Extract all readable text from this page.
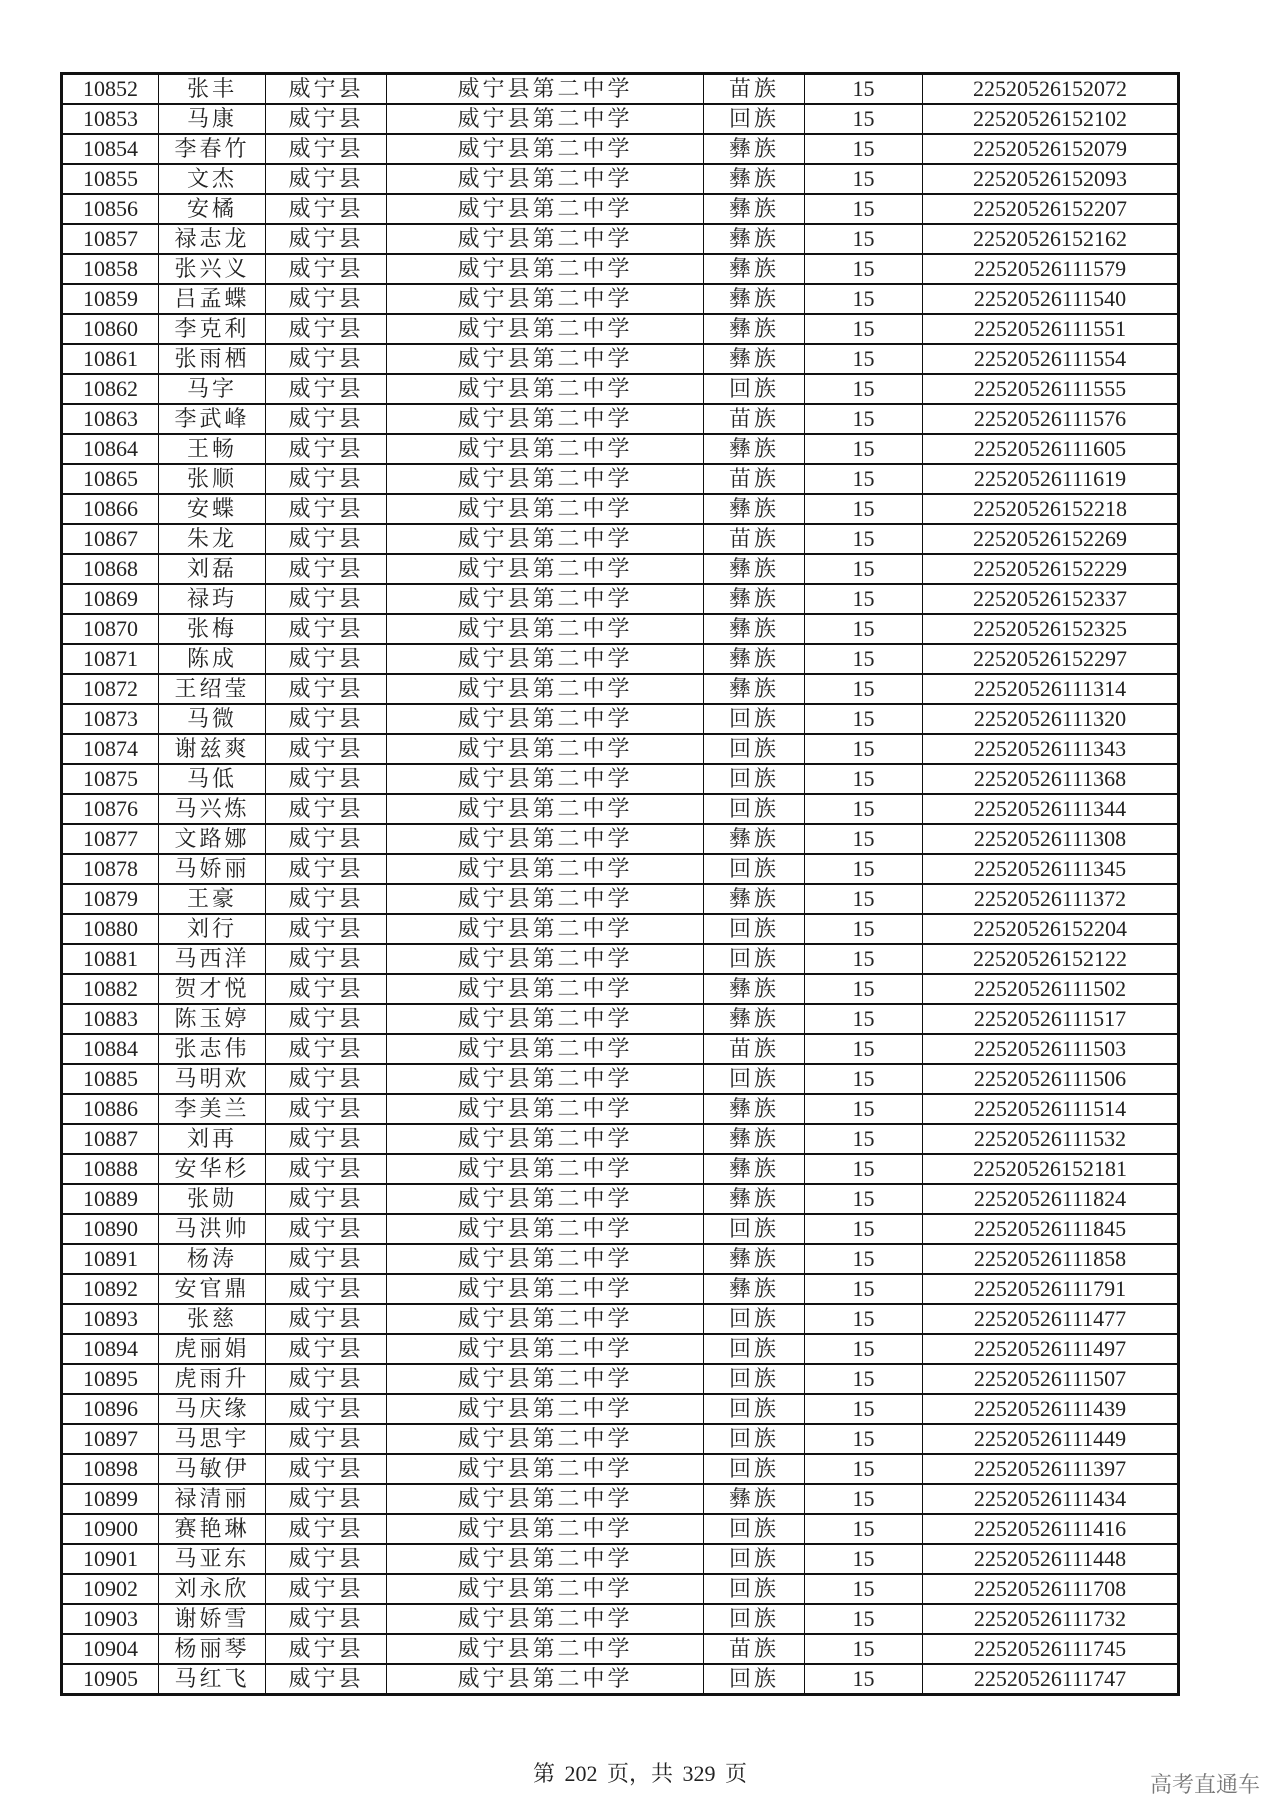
10852	张丰	威宁县	威宁县第二中学	苗族	15	22520526152072
10853	马康	威宁县	威宁县第二中学	回族	15	22520526152102
10854	李春竹	威宁县	威宁县第二中学	彝族	15	22520526152079
10855	文杰	威宁县	威宁县第二中学	彝族	15	22520526152093
10856	安橘	威宁县	威宁县第二中学	彝族	15	22520526152207
10857	禄志龙	威宁县	威宁县第二中学	彝族	15	22520526152162
10858	张兴义	威宁县	威宁县第二中学	彝族	15	22520526111579
10859	吕孟蝶	威宁县	威宁县第二中学	彝族	15	22520526111540
10860	李克利	威宁县	威宁县第二中学	彝族	15	22520526111551
10861	张雨栖	威宁县	威宁县第二中学	彝族	15	22520526111554
10862	马字	威宁县	威宁县第二中学	回族	15	22520526111555
10863	李武峰	威宁县	威宁县第二中学	苗族	15	22520526111576
10864	王畅	威宁县	威宁县第二中学	彝族	15	22520526111605
10865	张顺	威宁县	威宁县第二中学	苗族	15	22520526111619
10866	安蝶	威宁县	威宁县第二中学	彝族	15	22520526152218
10867	朱龙	威宁县	威宁县第二中学	苗族	15	22520526152269
10868	刘磊	威宁县	威宁县第二中学	彝族	15	22520526152229
10869	禄玙	威宁县	威宁县第二中学	彝族	15	22520526152337
10870	张梅	威宁县	威宁县第二中学	彝族	15	22520526152325
10871	陈成	威宁县	威宁县第二中学	彝族	15	22520526152297
10872	王绍莹	威宁县	威宁县第二中学	彝族	15	22520526111314
10873	马微	威宁县	威宁县第二中学	回族	15	22520526111320
10874	谢兹爽	威宁县	威宁县第二中学	回族	15	22520526111343
10875	马低	威宁县	威宁县第二中学	回族	15	22520526111368
10876	马兴炼	威宁县	威宁县第二中学	回族	15	22520526111344
10877	文路娜	威宁县	威宁县第二中学	彝族	15	22520526111308
10878	马娇丽	威宁县	威宁县第二中学	回族	15	22520526111345
10879	王豪	威宁县	威宁县第二中学	彝族	15	22520526111372
10880	刘行	威宁县	威宁县第二中学	回族	15	22520526152204
10881	马西洋	威宁县	威宁县第二中学	回族	15	22520526152122
10882	贺才悦	威宁县	威宁县第二中学	彝族	15	22520526111502
10883	陈玉婷	威宁县	威宁县第二中学	彝族	15	22520526111517
10884	张志伟	威宁县	威宁县第二中学	苗族	15	22520526111503
10885	马明欢	威宁县	威宁县第二中学	回族	15	22520526111506
10886	李美兰	威宁县	威宁县第二中学	彝族	15	22520526111514
10887	刘再	威宁县	威宁县第二中学	彝族	15	22520526111532
10888	安华杉	威宁县	威宁县第二中学	彝族	15	22520526152181
10889	张勋	威宁县	威宁县第二中学	彝族	15	22520526111824
10890	马洪帅	威宁县	威宁县第二中学	回族	15	22520526111845
10891	杨涛	威宁县	威宁县第二中学	彝族	15	22520526111858
10892	安官鼎	威宁县	威宁县第二中学	彝族	15	22520526111791
10893	张慈	威宁县	威宁县第二中学	回族	15	22520526111477
10894	虎丽娟	威宁县	威宁县第二中学	回族	15	22520526111497
10895	虎雨升	威宁县	威宁县第二中学	回族	15	22520526111507
10896	马庆缘	威宁县	威宁县第二中学	回族	15	22520526111439
10897	马思宇	威宁县	威宁县第二中学	回族	15	22520526111449
10898	马敏伊	威宁县	威宁县第二中学	回族	15	22520526111397
10899	禄清丽	威宁县	威宁县第二中学	彝族	15	22520526111434
10900	赛艳琳	威宁县	威宁县第二中学	回族	15	22520526111416
10901	马亚东	威宁县	威宁县第二中学	回族	15	22520526111448
10902	刘永欣	威宁县	威宁县第二中学	回族	15	22520526111708
10903	谢娇雪	威宁县	威宁县第二中学	回族	15	22520526111732
10904	杨丽琴	威宁县	威宁县第二中学	苗族	15	22520526111745
10905	马红飞	威宁县	威宁县第二中学	回族	15	22520526111747
第 202 页，共 329 页	高考直通车
